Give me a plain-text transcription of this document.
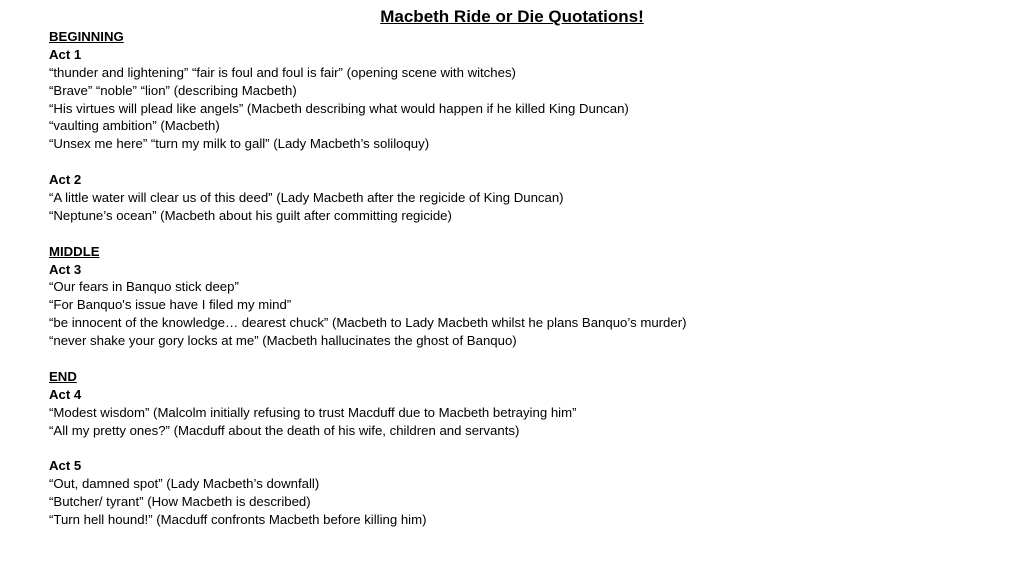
Macbeth Ride or Die Quotations!
BEGINNING
Act 1
“thunder and lightening” “fair is foul and foul is fair” (opening scene with witches)
“Brave” “noble” “lion” (describing Macbeth)
“His virtues will plead like angels” (Macbeth describing what would happen if he killed King Duncan)
“vaulting ambition” (Macbeth)
“Unsex me here” “turn my milk to gall” (Lady Macbeth’s soliloquy)
Act 2
“A little water will clear us of this deed” (Lady Macbeth after the regicide of King Duncan)
“Neptune’s ocean” (Macbeth about his guilt after committing regicide)
MIDDLE
Act 3
“Our fears in Banquo stick deep”
“For Banquo's issue have I filed my mind”
“be innocent of the knowledge… dearest chuck” (Macbeth to Lady Macbeth whilst he plans Banquo’s murder)
“never shake your gory locks at me” (Macbeth hallucinates the ghost of Banquo)
END
Act 4
“Modest wisdom” (Malcolm initially refusing to trust Macduff due to Macbeth betraying him”
“All my pretty ones?” (Macduff about the death of his wife, children and servants)
Act 5
“Out, damned spot” (Lady Macbeth’s downfall)
“Butcher/ tyrant” (How Macbeth is described)
“Turn hell hound!” (Macduff confronts Macbeth before killing him)
